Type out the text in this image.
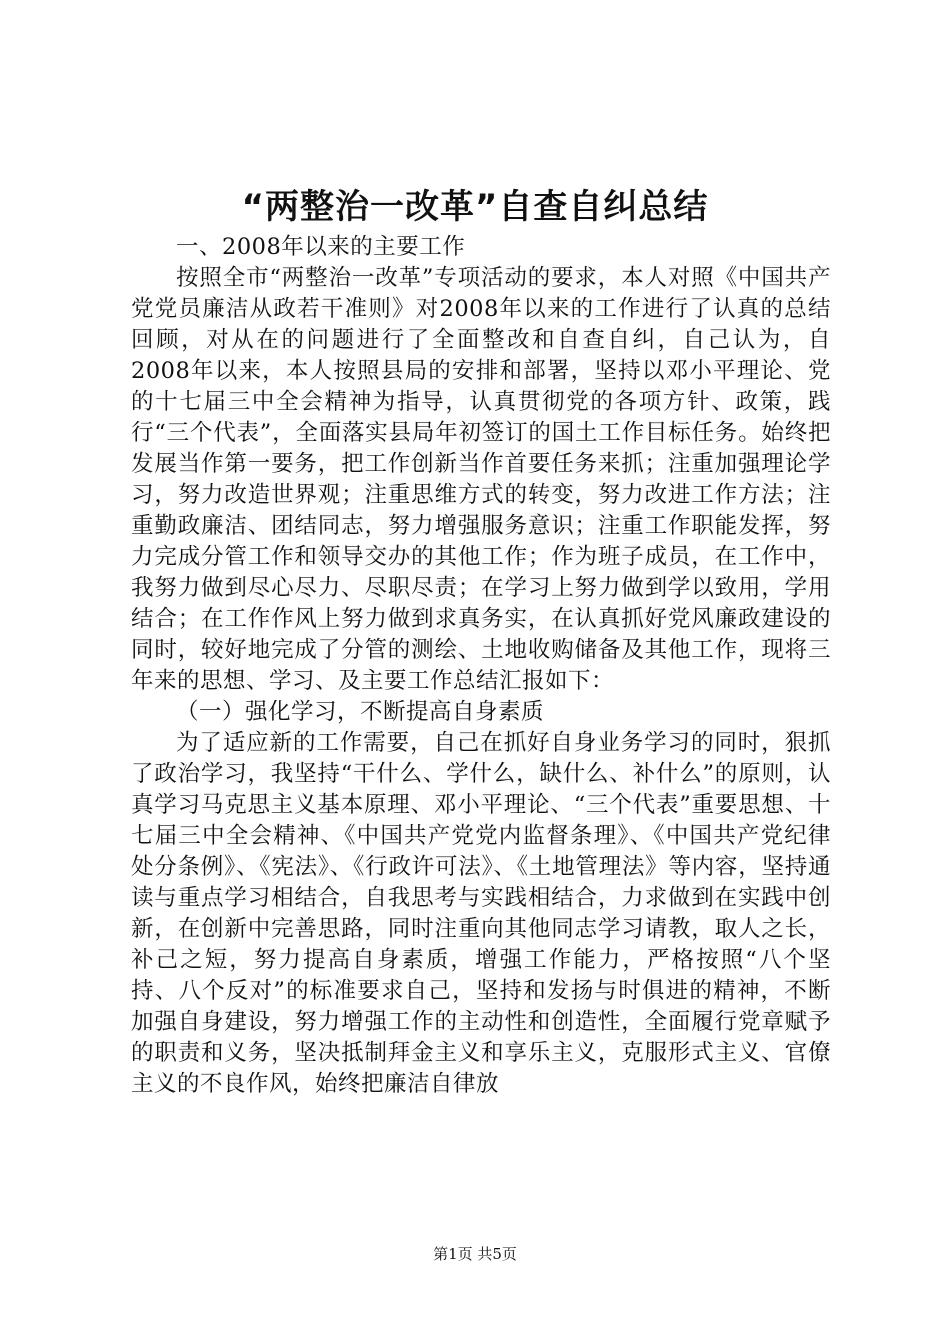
“两整治一改革”自查自纠总结

一、2008年以来的主要工作

按照全市“两整治一改革”专项活动的要求，本人对照《中国共产党党员廉洁从政若干准则》对2008年以来的工作进行了认真的总结回顾，对从在的问题进行了全面整改和自查自纠，自己认为，自2008年以来，本人按照县局的安排和部署，坚持以邓小平理论、党的十七届三中全会精神为指导，认真贯彻党的各项方针、政策，践行“三个代表”，全面落实县局年初签订的国土工作目标任务。始终把发展当作第一要务，把工作创新当作首要任务来抓；注重加强理论学习，努力改造世界观；注重思维方式的转变，努力改进工作方法；注重勤政廉洁、团结同志，努力增强服务意识；注重工作职能发挥，努力完成分管工作和领导交办的其他工作；作为班子成员，在工作中，我努力做到尽心尽力、尽职尽责；在学习上努力做到学以致用，学用结合；在工作作风上努力做到求真务实，在认真抓好党风廉政建设的同时，较好地完成了分管的测绘、土地收购储备及其他工作，现将三年来的思想、学习、及主要工作总结汇报如下：

（一）强化学习，不断提高自身素质

为了适应新的工作需要，自己在抓好自身业务学习的同时，狠抓了政治学习，我坚持“干什么、学什么，缺什么、补什么”的原则，认真学习马克思主义基本原理、邓小平理论、“三个代表”重要思想、十七届三中全会精神、《中国共产党党内监督条理》、《中国共产党纪律处分条例》、《宪法》、《行政许可法》、《土地管理法》等内容，坚持通读与重点学习相结合，自我思考与实践相结合，力求做到在实践中创新，在创新中完善思路，同时注重向其他同志学习请教，取人之长，补己之短，努力提高自身素质，增强工作能力，严格按照“八个坚持、八个反对”的标准要求自己，坚持和发扬与时俱进的精神，不断加强自身建设，努力增强工作的主动性和创造性，全面履行党章赋予的职责和义务，坚决抵制拜金主义和享乐主义，克服形式主义、官僚主义的不良作风，始终把廉洁自律放

第1页 共5页
